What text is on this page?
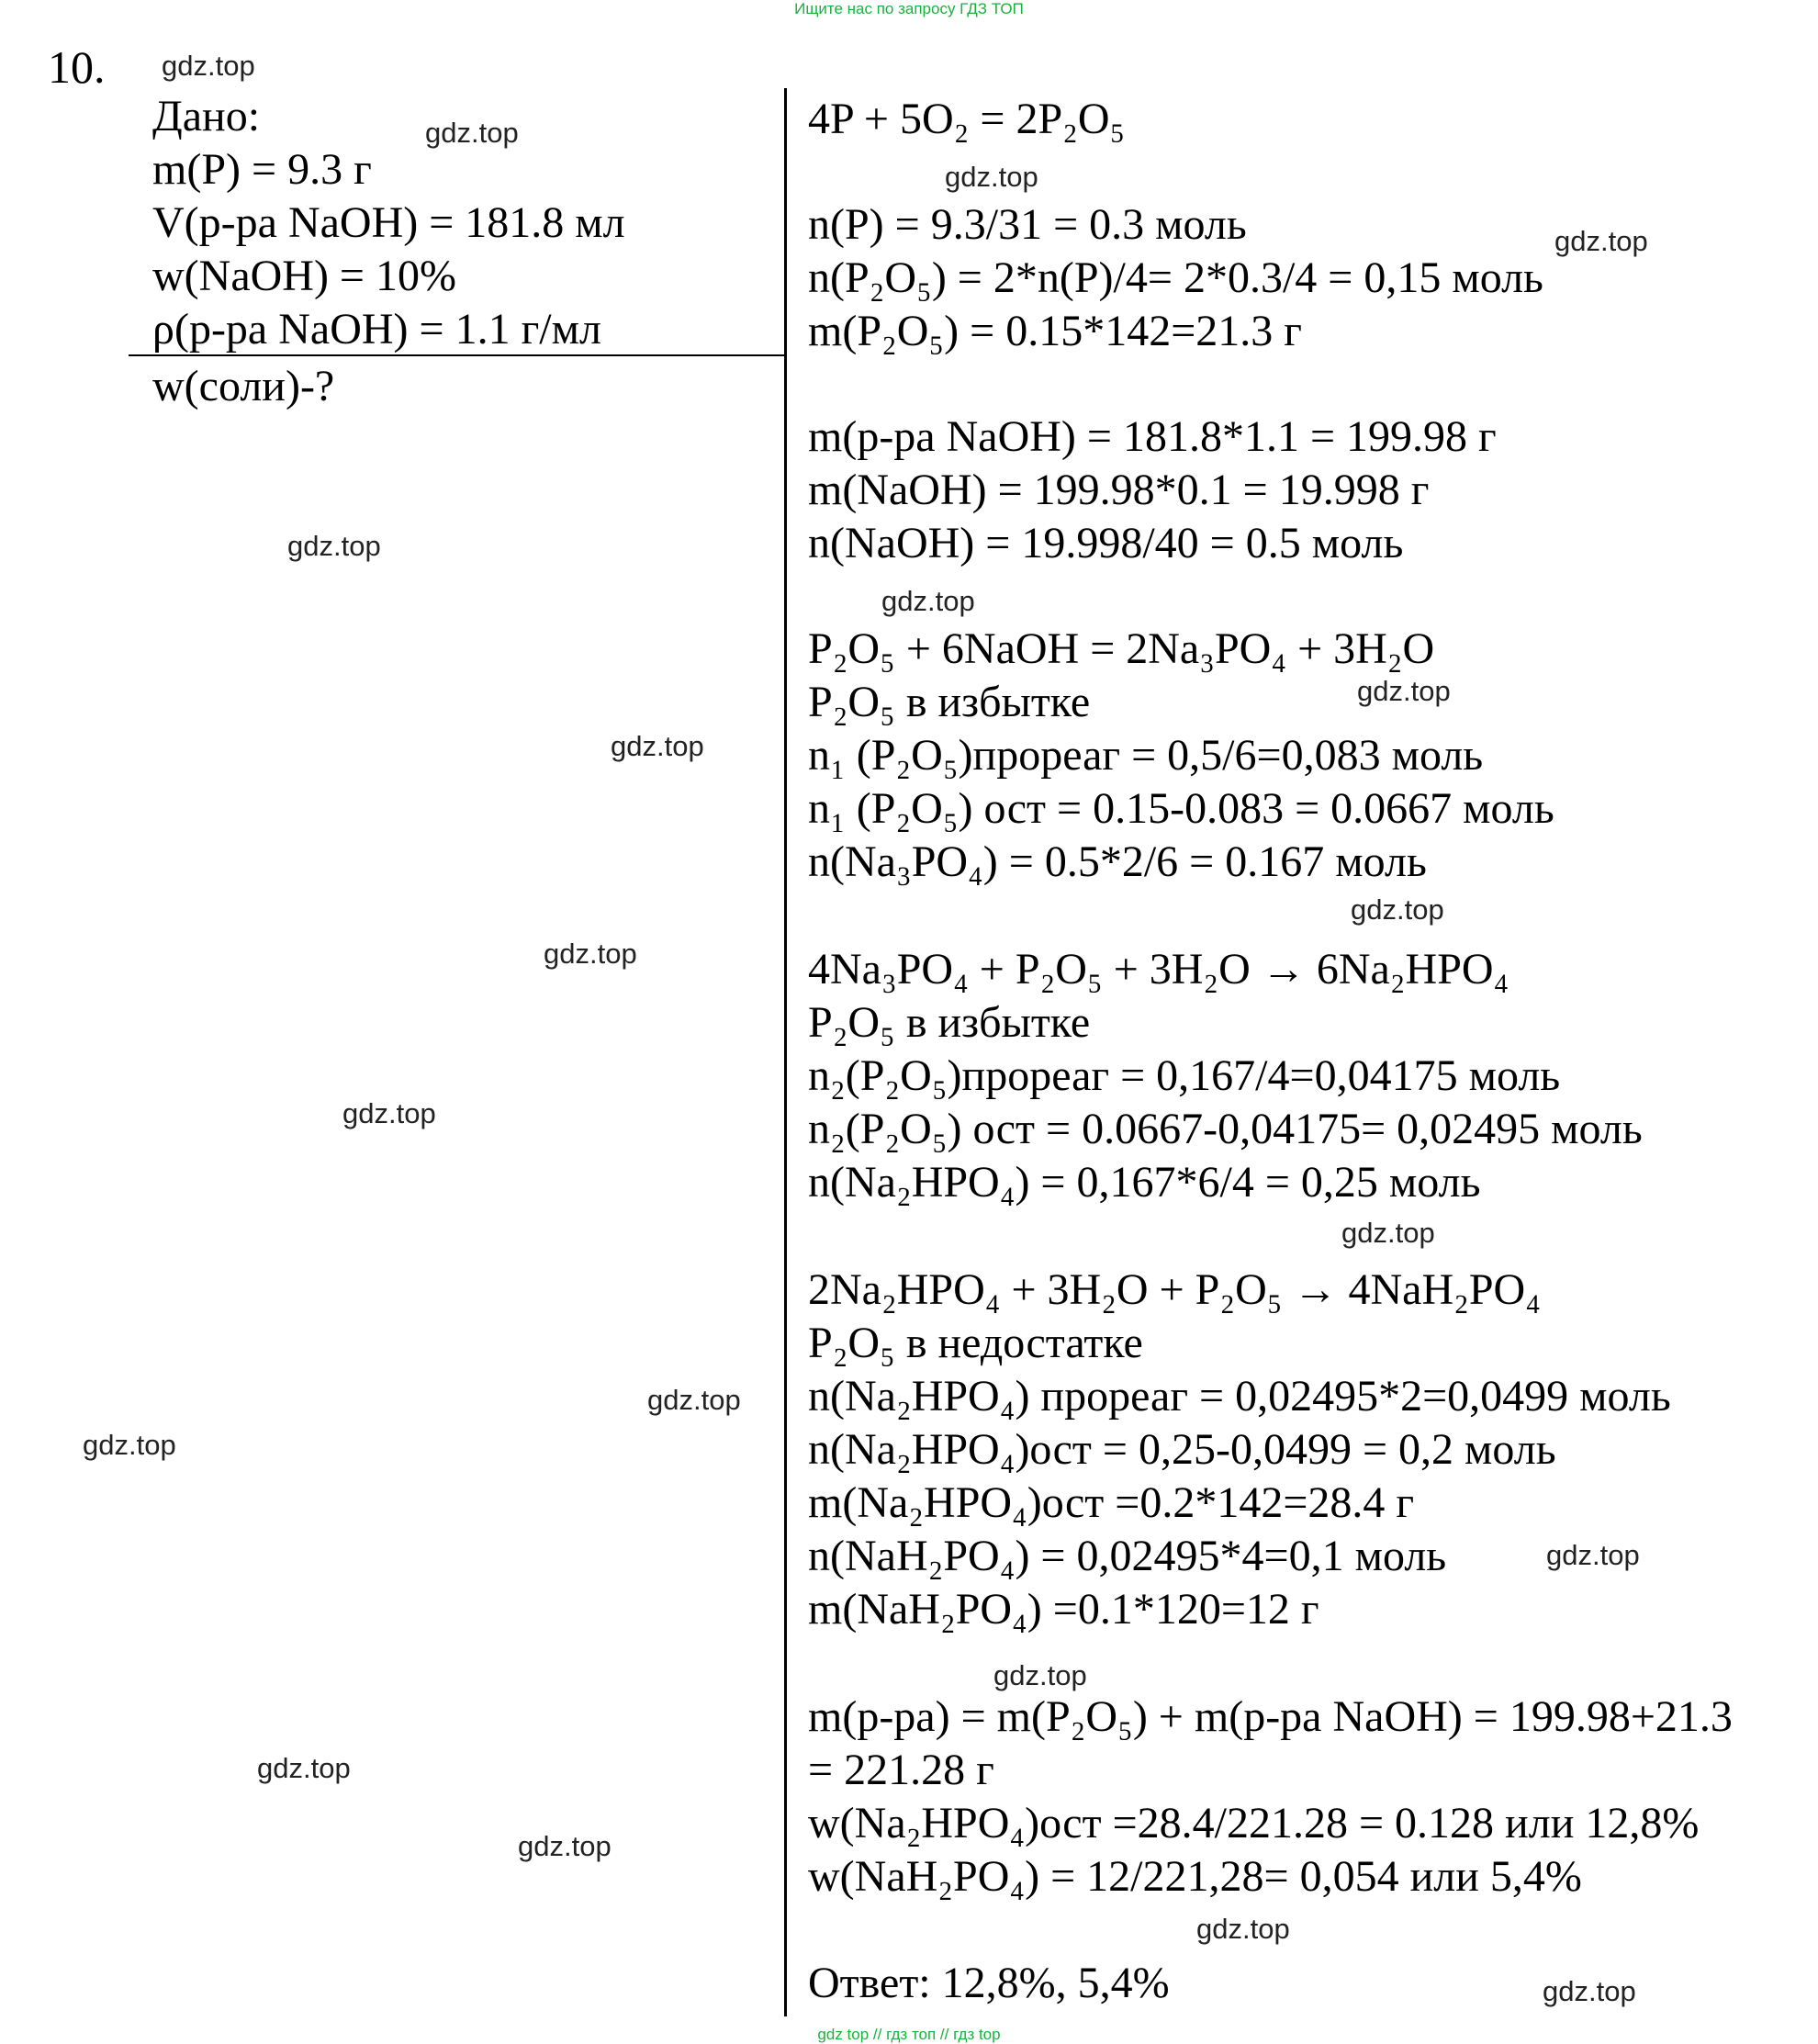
Ищите нас по запросу ГДЗ ТОП
10.
Дано:
m(P) = 9.3 г
V(р-ра NaOH) = 181.8 мл
w(NaOH) = 10%
ρ(р-ра NaOH) = 1.1 г/мл
w(соли)-?
4P + 5O₂ = 2P₂O₅
n(P) = 9.3/31 = 0.3 моль
n(P₂O₅) = 2*n(P)/4= 2*0.3/4 = 0,15 моль
m(P₂O₅) = 0.15*142=21.3 г
m(р-ра NaOH) = 181.8*1.1 = 199.98 г
m(NaOH) = 199.98*0.1 = 19.998 г
n(NaOH) = 19.998/40 = 0.5 моль
P₂O₅ + 6NaOH = 2Na₃PO₄ + 3H₂O
P₂O₅ в избытке
n₁ (P₂O₅)прореаг = 0,5/6=0,083 моль
n₁ (P₂O₅) ост = 0.15-0.083 = 0.0667 моль
n(Na₃PO₄) = 0.5*2/6 = 0.167 моль
4Na₃PO₄ + P₂O₅ + 3H₂O → 6Na₂HPO₄
P₂O₅ в избытке
n₂(P₂O₅)прореаг = 0,167/4=0,04175 моль
n₂(P₂O₅) ост = 0.0667-0,04175= 0,02495 моль
n(Na₂HPO₄) = 0,167*6/4 = 0,25 моль
2Na₂HPO₄ + 3H₂O + P₂O₅ → 4NaH₂PO₄
P₂O₅ в недостатке
n(Na₂HPO₄) прореаг = 0,02495*2=0,0499 моль
n(Na₂HPO₄)ост = 0,25-0,0499 = 0,2 моль
m(Na₂HPO₄)ост =0.2*142=28.4 г
n(NaH₂PO₄) = 0,02495*4=0,1 моль
m(NaH₂PO₄) =0.1*120=12 г
m(р-ра) = m(P₂O₅) + m(р-ра NaOH) = 199.98+21.3
= 221.28 г
w(Na₂HPO₄)ост =28.4/221.28 = 0.128 или 12,8%
w(NaH₂PO₄) = 12/221,28= 0,054 или 5,4%
Ответ: 12,8%, 5,4%
gdz.top
gdz.top
gdz.top
gdz.top
gdz.top
gdz.top
gdz.top
gdz.top
gdz.top
gdz.top
gdz.top
gdz.top
gdz.top
gdz.top
gdz.top
gdz.top
gdz.top
gdz.top
gdz.top
gdz.top
gdz top // гдз топ // гдз top
